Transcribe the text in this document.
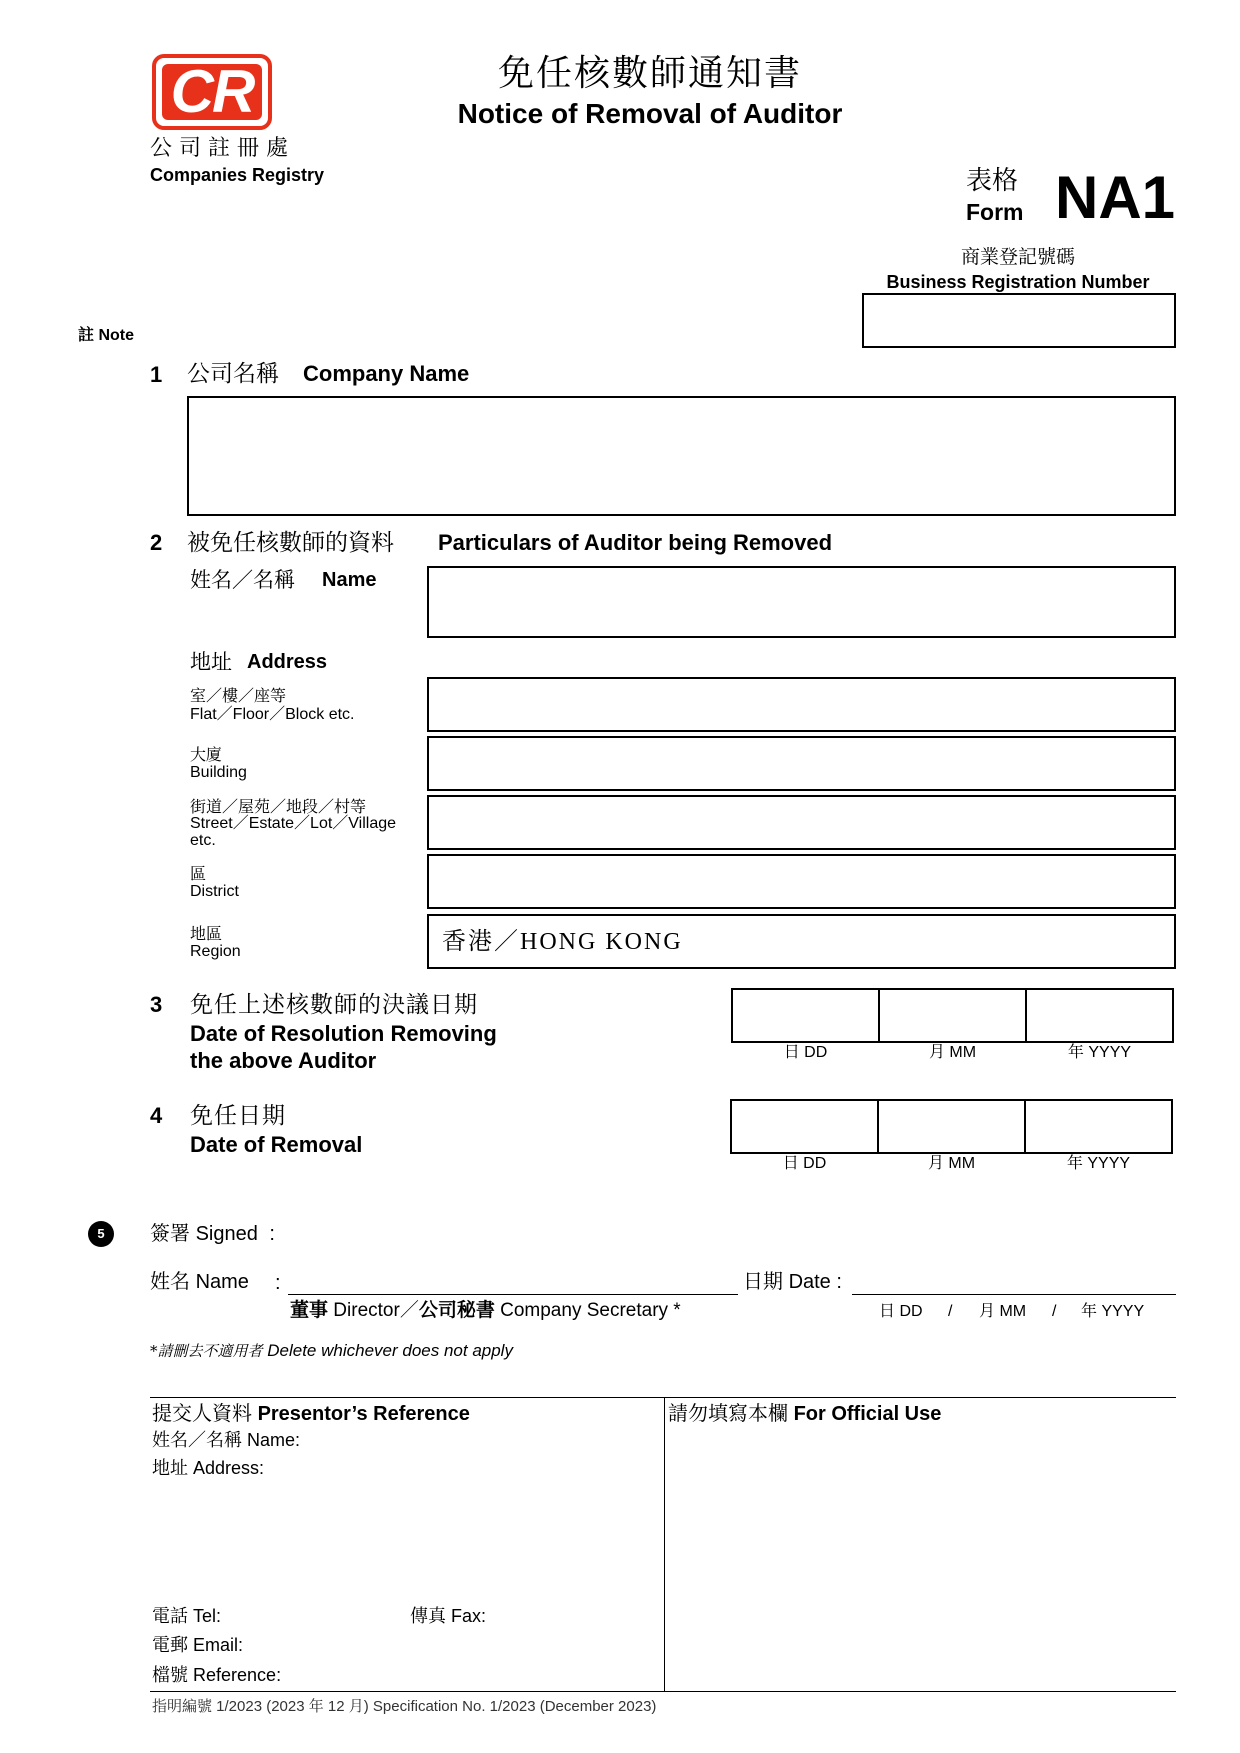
CR
公 司 註 冊 處
Companies Registry
免任核數師通知書
Notice of Removal of Auditor
表格
Form NA1
商業登記號碼
Business Registration Number
註 Note
1 公司名稱 Company Name
2 被免任核數師的資料 Particulars of Auditor being Removed
姓名／名稱 Name
地址 Address
室／樓／座等
Flat／Floor／Block etc.
大廈
Building
街道／屋苑／地段／村等
Street／Estate／Lot／Village
etc.
區
District
地區
Region	香港／HONG KONG
3 免任上述核數師的決議日期
Date of Resolution Removing
the above Auditor	日 DD	月 MM	年 YYYY
4 免任日期
Date of Removal
日 DD	月 MM	年 YYYY
5	簽署 Signed :
姓名 Name :	日期 Date :
董事 Director／公司秘書 Company Secretary *	日 DD / 月 MM / 年 YYYY
*請刪去不適用者 Delete whichever does not apply
提交人資料 Presentor’s Reference
姓名／名稱 Name:
地址 Address:
電話 Tel:	傳真 Fax:
電郵 Email:
檔號 Reference:
請勿填寫本欄 For Official Use
指明編號 1/2023 (2023 年 12 月) Specification No. 1/2023 (December 2023)
